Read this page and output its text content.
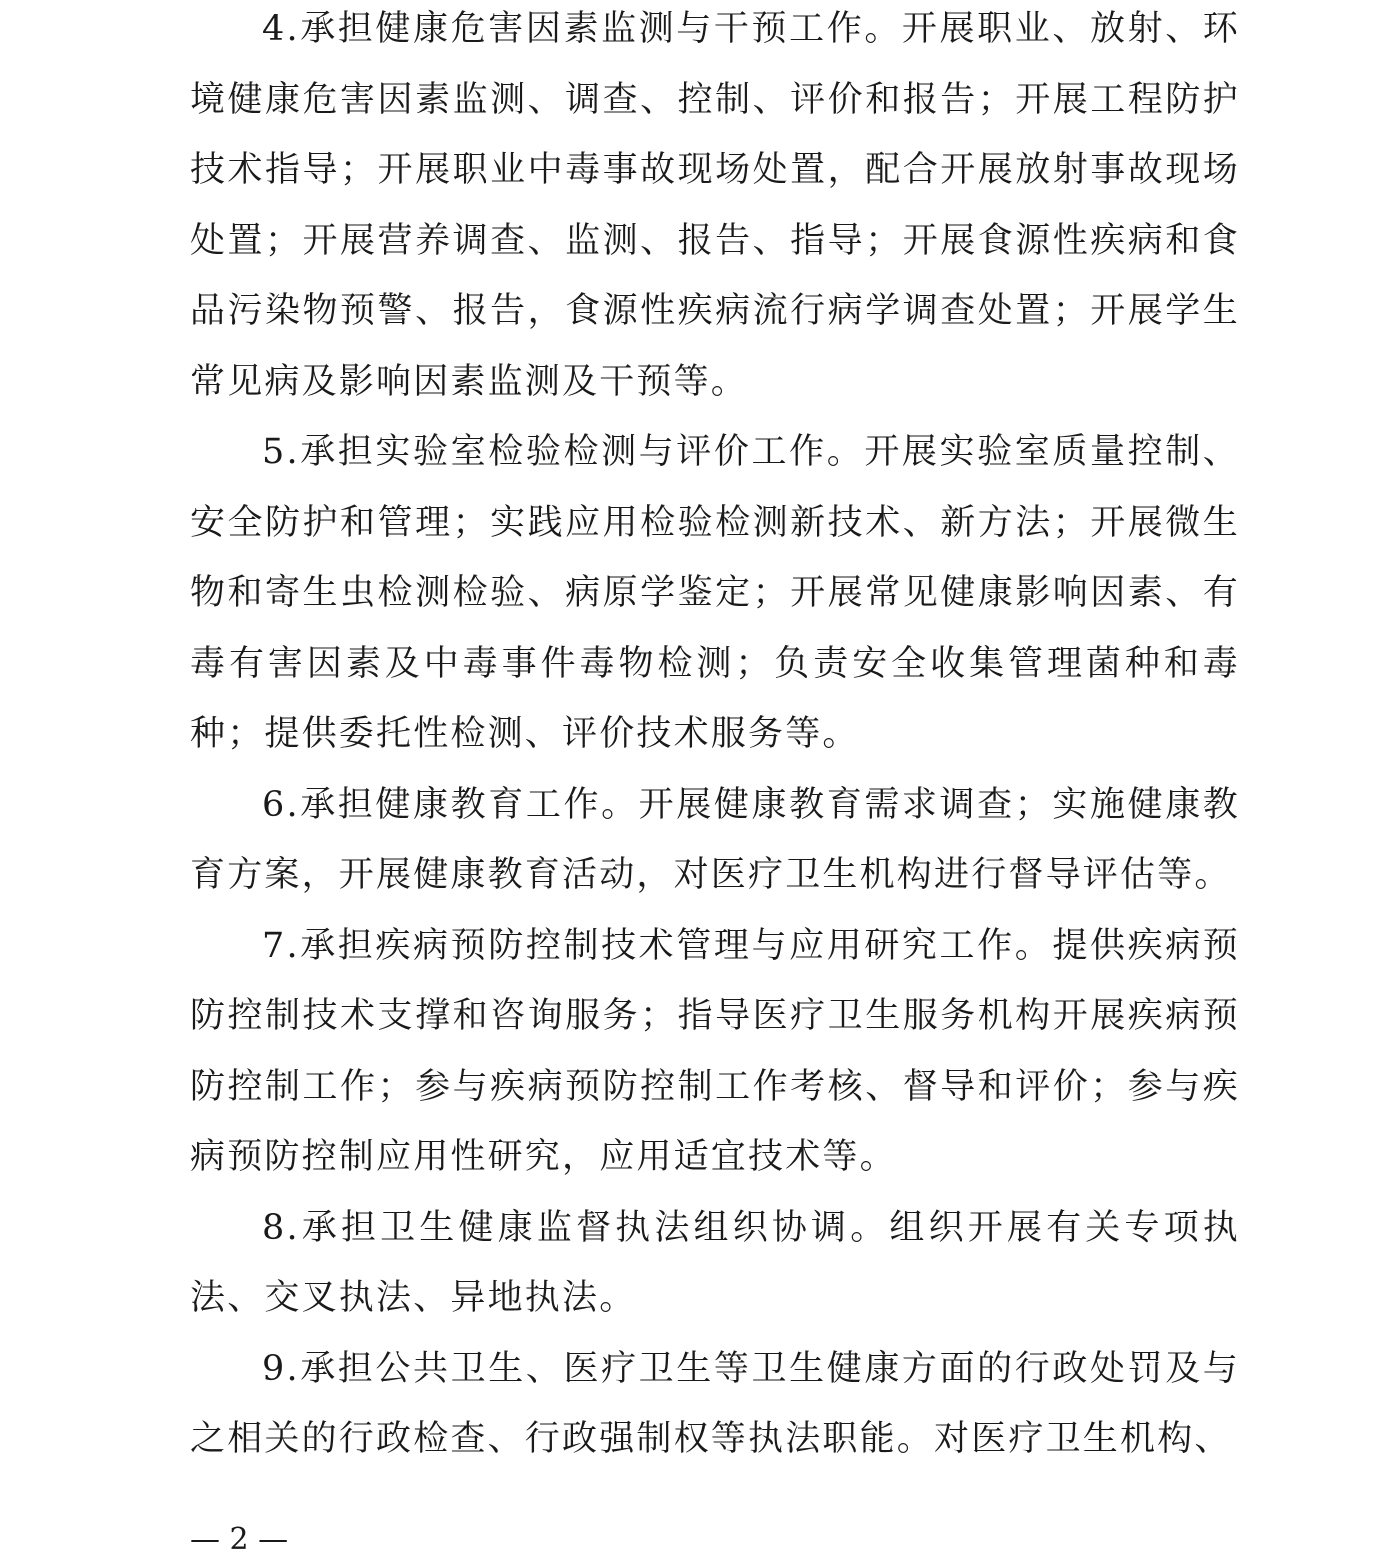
4.承担健康危害因素监测与干预工作。开展职业、放射、环境健康危害因素监测、调查、控制、评价和报告；开展工程防护技术指导；开展职业中毒事故现场处置，配合开展放射事故现场处置；开展营养调查、监测、报告、指导；开展食源性疾病和食品污染物预警、报告，食源性疾病流行病学调查处置；开展学生常见病及影响因素监测及干预等。

5.承担实验室检验检测与评价工作。开展实验室质量控制、安全防护和管理；实践应用检验检测新技术、新方法；开展微生物和寄生虫检测检验、病原学鉴定；开展常见健康影响因素、有毒有害因素及中毒事件毒物检测；负责安全收集管理菌种和毒种；提供委托性检测、评价技术服务等。

6.承担健康教育工作。开展健康教育需求调查；实施健康教育方案，开展健康教育活动，对医疗卫生机构进行督导评估等。

7.承担疾病预防控制技术管理与应用研究工作。提供疾病预防控制技术支撑和咨询服务；指导医疗卫生服务机构开展疾病预防控制工作；参与疾病预防控制工作考核、督导和评价；参与疾病预防控制应用性研究，应用适宜技术等。

8.承担卫生健康监督执法组织协调。组织开展有关专项执法、交叉执法、异地执法。

9.承担公共卫生、医疗卫生等卫生健康方面的行政处罚及与之相关的行政检查、行政强制权等执法职能。对医疗卫生机构、

— 2 —
